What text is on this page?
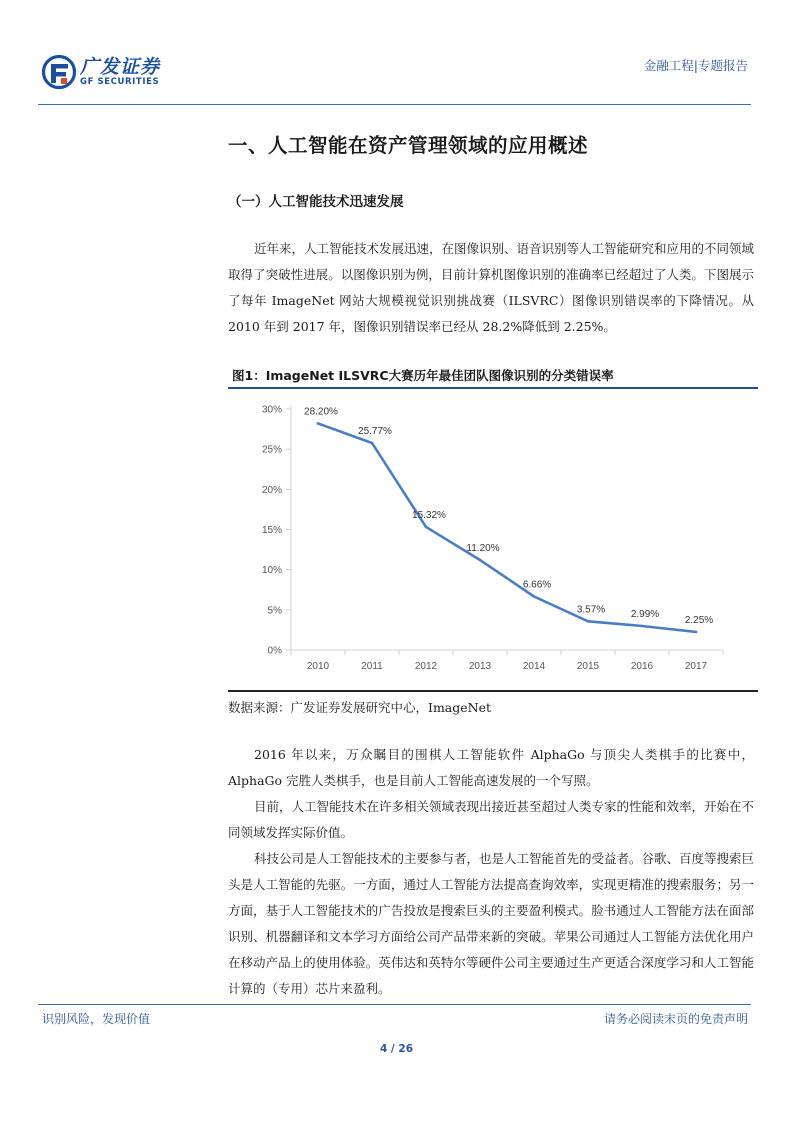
广发证券
GF SECURITIES
金融工程|专题报告
一、人工智能在资产管理领域的应用概述
（一）人工智能技术迅速发展
近年来，人工智能技术发展迅速，在图像识别、语音识别等人工智能研究和应用的不同领域取得了突破性进展。以图像识别为例，目前计算机图像识别的准确率已经超过了人类。下图展示了每年 ImageNet 网站大规模视觉识别挑战赛（ILSVRC）图像识别错误率的下降情况。从 2010 年到 2017 年，图像识别错误率已经从 28.2%降低到 2.25%。
图1：ImageNet ILSVRC大赛历年最佳团队图像识别的分类错误率
0%
5%
10%
15%
20%
25%
30%
2010	2011	2012	2013	2014	2015	2016	2017
28.20%
25.77%
15.32%
11.20%
6.66%
3.57%	2.99%
2.25%
数据来源：广发证券发展研究中心，ImageNet
2016 年以来，万众瞩目的围棋人工智能软件 AlphaGo 与顶尖人类棋手的比赛中，AlphaGo 完胜人类棋手，也是目前人工智能高速发展的一个写照。
目前，人工智能技术在许多相关领域表现出接近甚至超过人类专家的性能和效率，开始在不同领域发挥实际价值。
科技公司是人工智能技术的主要参与者，也是人工智能首先的受益者。谷歌、百度等搜索巨头是人工智能的先驱。一方面，通过人工智能方法提高查询效率，实现更精准的搜索服务；另一方面，基于人工智能技术的广告投放是搜索巨头的主要盈利模式。脸书通过人工智能方法在面部识别、机器翻译和文本学习方面给公司产品带来新的突破。苹果公司通过人工智能方法优化用户在移动产品上的使用体验。英伟达和英特尔等硬件公司主要通过生产更适合深度学习和人工智能计算的（专用）芯片来盈利。
识别风险，发现价值	请务必阅读末页的免责声明
4 / 26
